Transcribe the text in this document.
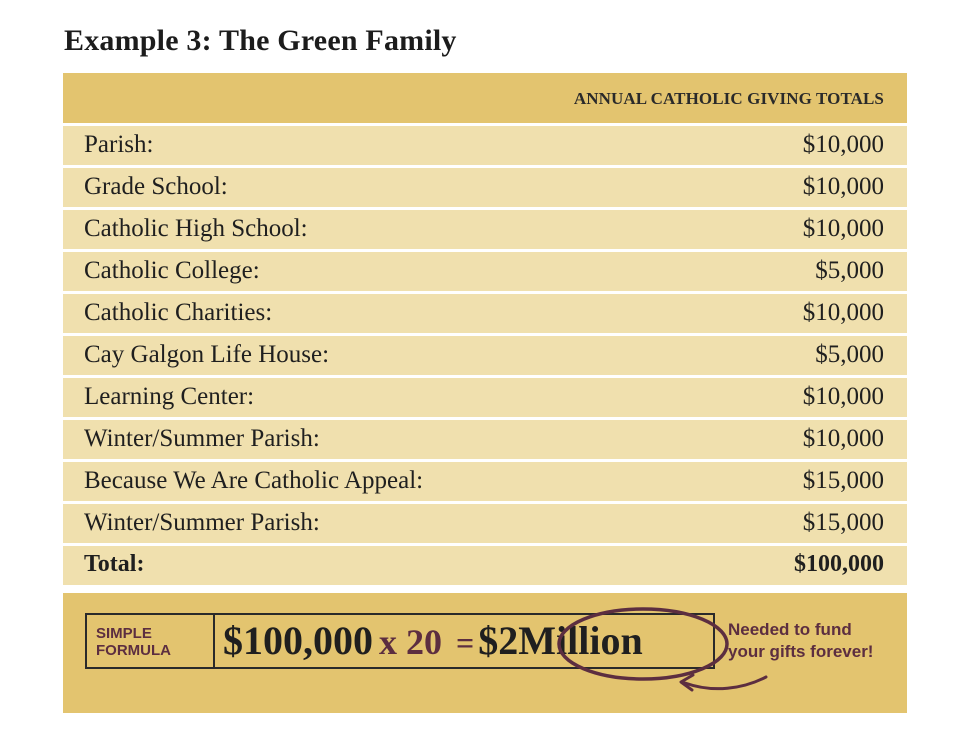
Example 3: The Green Family
ANNUAL CATHOLIC GIVING TOTALS
Parish:	$10,000
Grade School:	$10,000
Catholic High School:	$10,000
Catholic College:	$5,000
Catholic Charities:	$10,000
Cay Galgon Life House:	$5,000
Learning Center:	$10,000
Winter/Summer Parish:	$10,000
Because We Are Catholic Appeal:	$15,000
Winter/Summer Parish:	$15,000
Total:	$100,000
SIMPLE
FORMULA	$100,000 x 20 = $2Million	Needed to fund
your gifts forever!
